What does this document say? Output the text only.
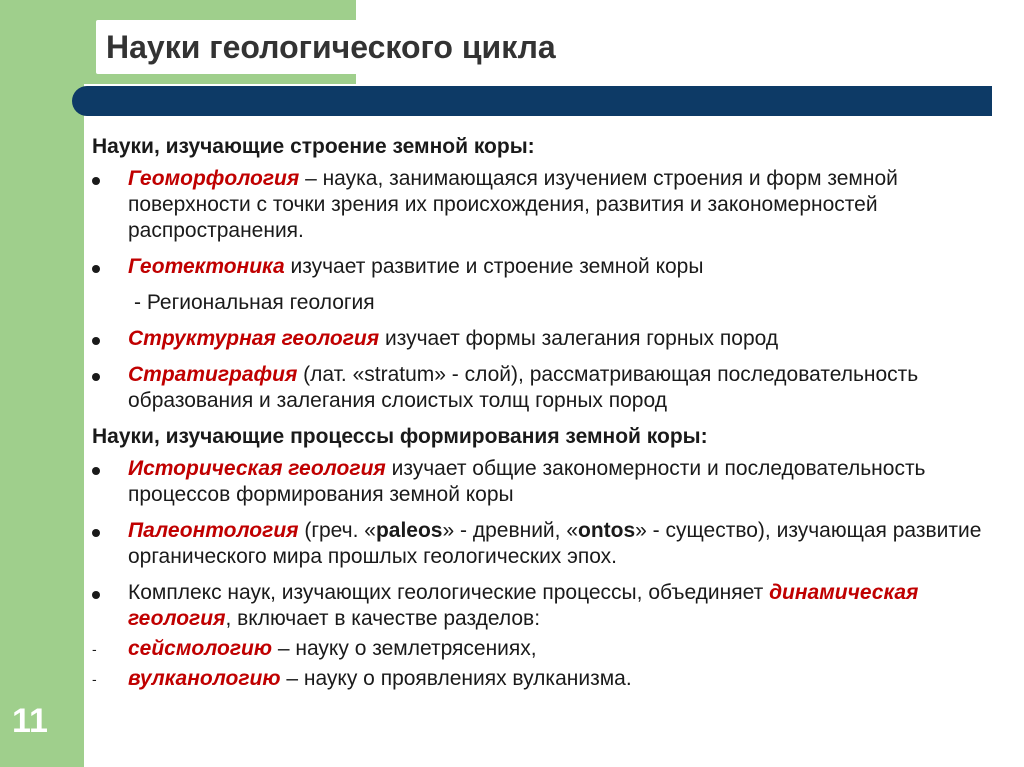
Науки геологического цикла
11
Науки, изучающие строение земной коры:
Геоморфология – наука, занимающаяся изучением строения и форм земной поверхности с точки зрения их происхождения, развития и закономерностей распространения.
Геотектоника изучает развитие и строение земной коры
- Региональная геология
Структурная геология изучает формы залегания горных пород
Стратиграфия (лат. «stratum» - слой), рассматривающая последовательность образования и залегания слоистых толщ горных пород
Науки, изучающие процессы формирования земной коры:
Историческая геология изучает общие закономерности и последовательность процессов формирования земной коры
Палеонтология (греч. «paleos» - древний, «ontos» - существо), изучающая развитие органического мира прошлых геологических эпох.
Комплекс наук, изучающих геологические процессы, объединяет динамическая геология, включает в качестве разделов:
-	сейсмологию – науку о землетрясениях,
-	вулканологию – науку о проявлениях вулканизма.
